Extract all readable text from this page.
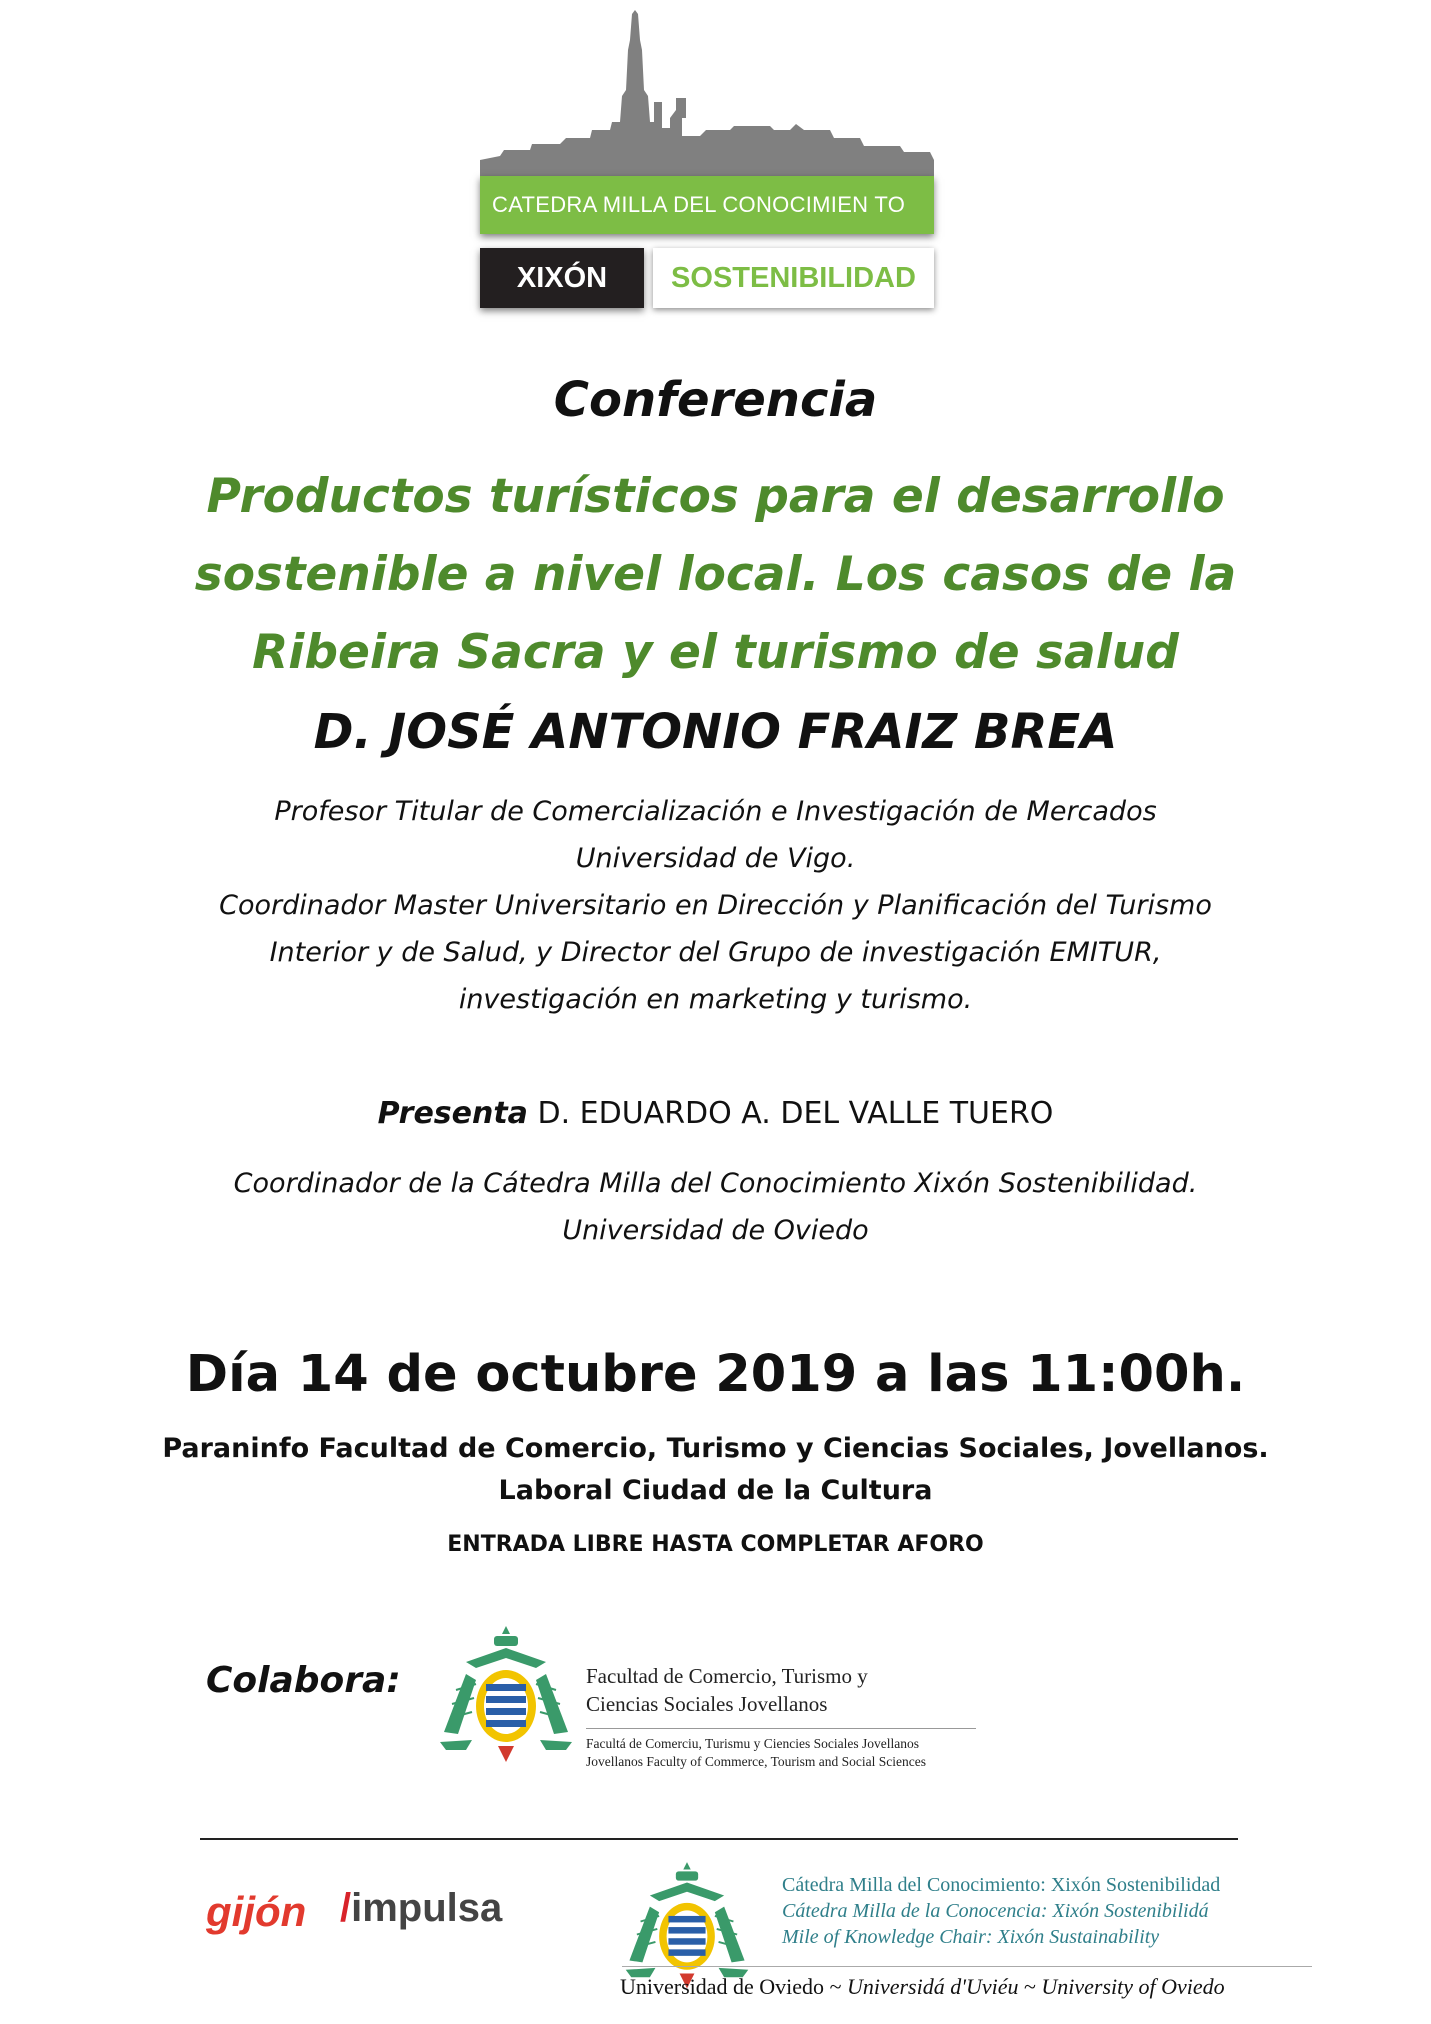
CATEDRA MILLA DEL CONOCIMIEN TO
XIXÓN	SOSTENIBILIDAD
Conferencia
Productos turísticos para el desarrollo
sostenible a nivel local. Los casos de la
Ribeira Sacra y el turismo de salud
D. JOSÉ ANTONIO FRAIZ BREA
Profesor Titular de Comercialización e Investigación de Mercados
Universidad de Vigo.
Coordinador Master Universitario en Dirección y Planificación del Turismo
Interior y de Salud, y Director del Grupo de investigación EMITUR,
investigación en marketing y turismo.
Presenta D. EDUARDO A. DEL VALLE TUERO
Coordinador de la Cátedra Milla del Conocimiento Xixón Sostenibilidad.
Universidad de Oviedo
Día 14 de octubre 2019 a las 11:00h.
Paraninfo Facultad de Comercio, Turismo y Ciencias Sociales, Jovellanos.
Laboral Ciudad de la Cultura
ENTRADA LIBRE HASTA COMPLETAR AFORO
Colabora:	Facultad de Comercio, Turismo y
Ciencias Sociales Jovellanos
Facultá de Comerciu, Turismu y Ciencies Sociales Jovellanos
Jovellanos Faculty of Commerce, Tourism and Social Sciences
gijón /impulsa
Cátedra Milla del Conocimiento: Xixón Sostenibilidad
Cátedra Milla de la Conocencia: Xixón Sostenibilidá
Mile of Knowledge Chair: Xixón Sustainability
Universidad de Oviedo ~ Universidá d'Uviéu ~ University of Oviedo
